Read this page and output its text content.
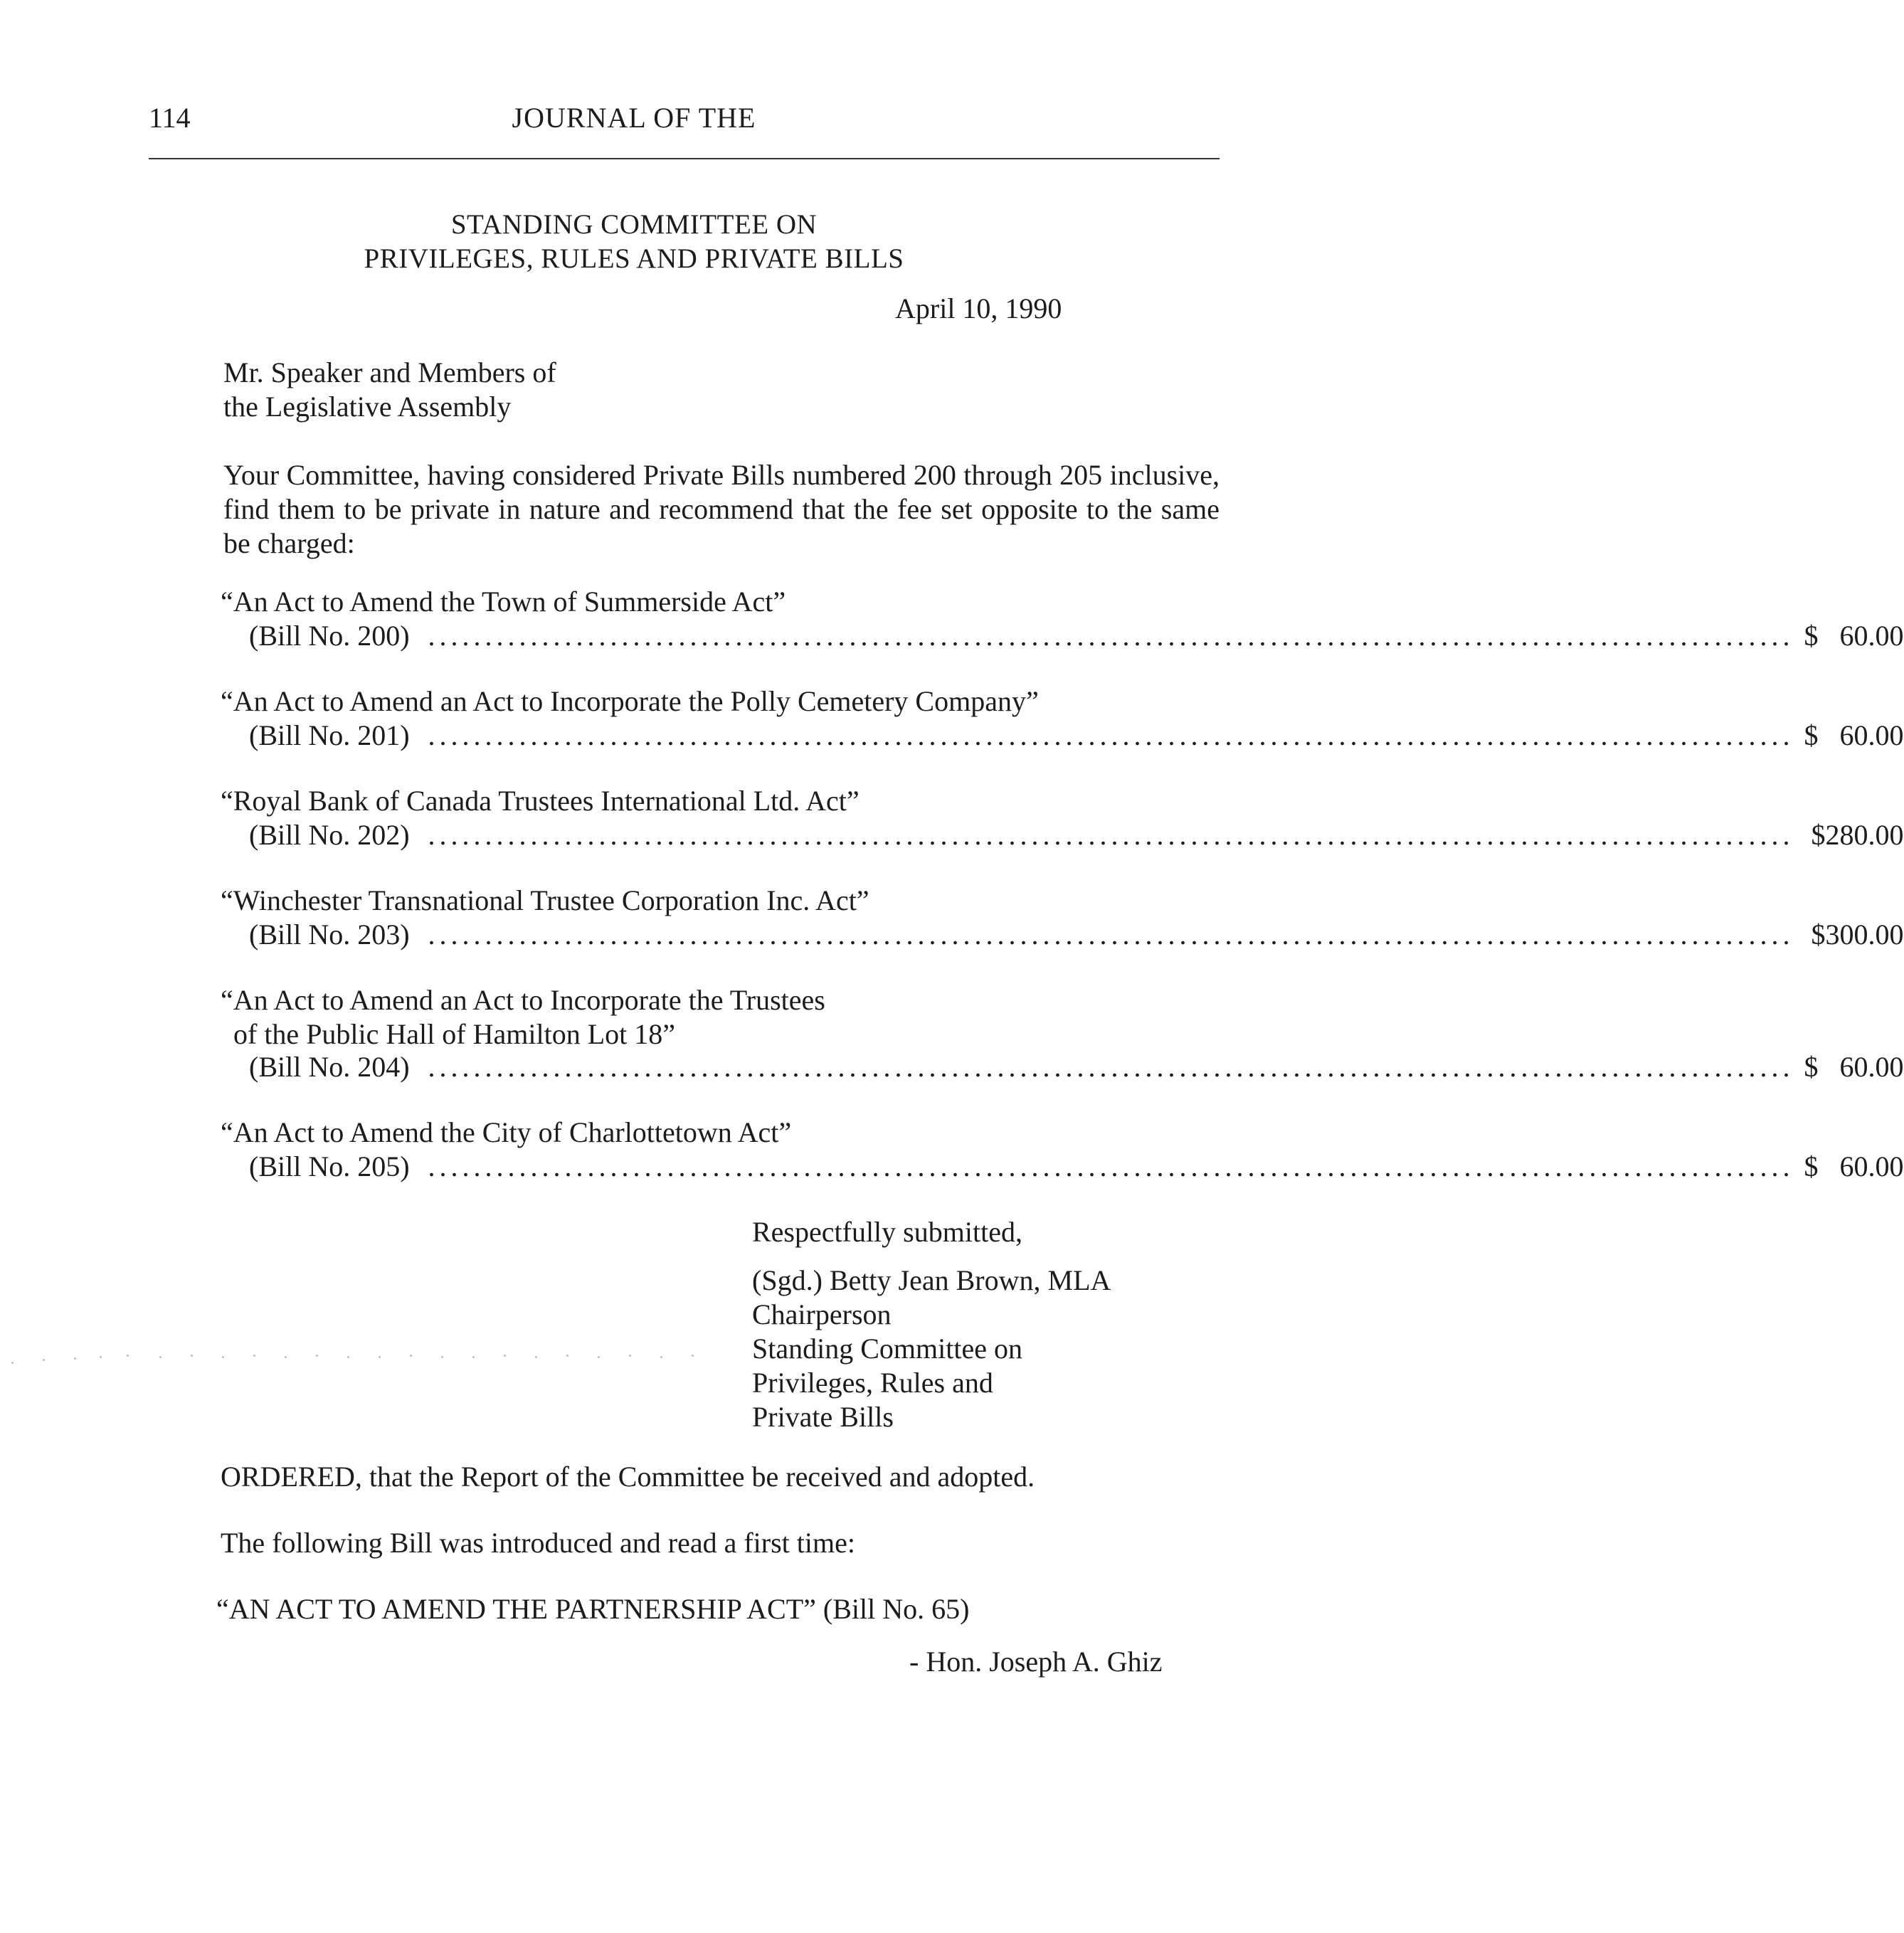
114	JOURNAL OF THE
STANDING COMMITTEE ON
PRIVILEGES, RULES AND PRIVATE BILLS
April 10, 1990
Mr. Speaker and Members of
the Legislative Assembly
Your Committee, having considered Private Bills numbered 200 through 205 inclusive, find them to be private in nature and recommend that the fee set opposite to the same be charged:
“An Act to Amend the Town of Summerside Act”
(Bill No. 200) ........................................................................................................................ $ 60.00
“An Act to Amend an Act to Incorporate the Polly Cemetery Company”
(Bill No. 201) ........................................................................................................................ $ 60.00
“Royal Bank of Canada Trustees International Ltd. Act”
(Bill No. 202) ........................................................................................................................ $ 280.00
“Winchester Transnational Trustee Corporation Inc. Act”
(Bill No. 203) ........................................................................................................................ $ 300.00
“An Act to Amend an Act to Incorporate the Trustees
of the Public Hall of Hamilton Lot 18”
(Bill No. 204) ........................................................................................................................ $ 60.00
“An Act to Amend the City of Charlottetown Act”
(Bill No. 205) ........................................................................................................................ $ 60.00
Respectfully submitted,
(Sgd.) Betty Jean Brown, MLA
Chairperson
Standing Committee on
Privileges, Rules and
Private Bills
ORDERED, that the Report of the Committee be received and adopted.
The following Bill was introduced and read a first time:
“AN ACT TO AMEND THE PARTNERSHIP ACT” (Bill No. 65)
- Hon. Joseph A. Ghiz
